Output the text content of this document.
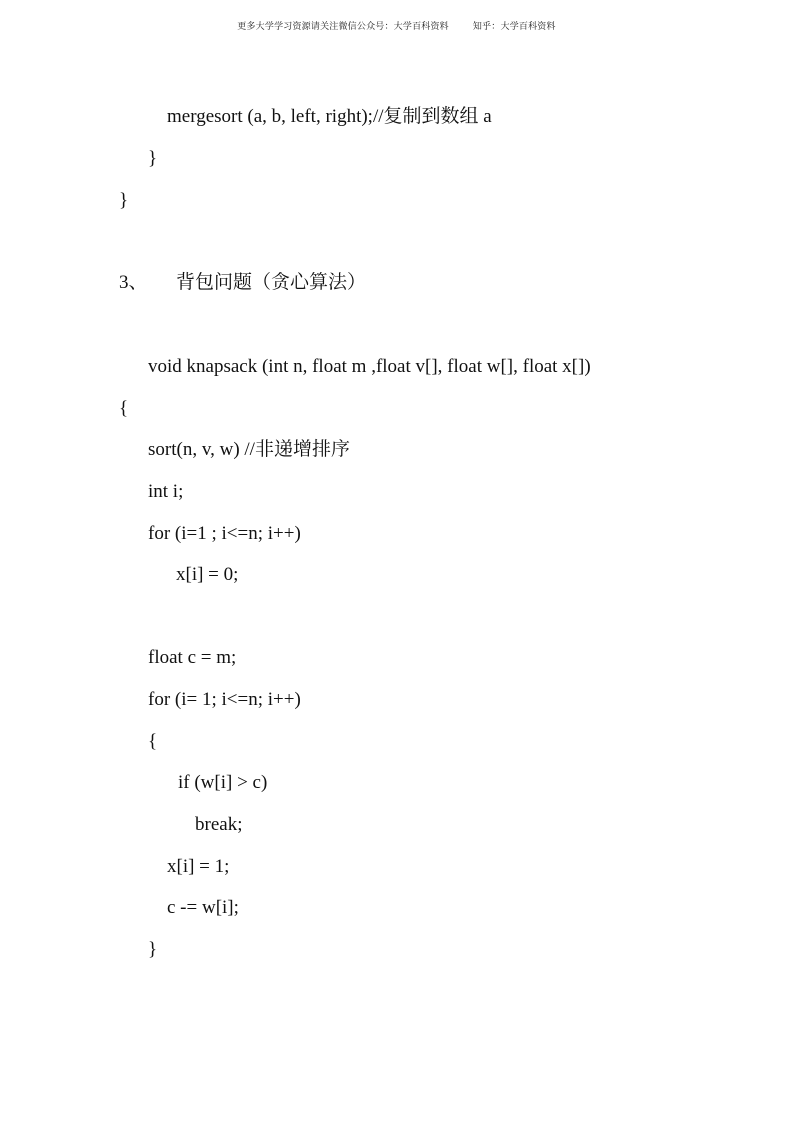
更多大学学习资源请关注微信公众号：大学百科资料	知乎：大学百科资料
mergesort (a, b, left, right);//复制到数组 a
}
}
3、 背包问题（贪心算法）
void knapsack (int n, float m ,float v[], float w[], float x[])
{
sort(n, v, w) //非递增排序
int i;
for (i=1 ; i<=n; i++)
x[i] = 0;
float c = m;
for (i= 1; i<=n; i++)
{
if (w[i] > c)
break;
x[i] = 1;
c -= w[i];
}
